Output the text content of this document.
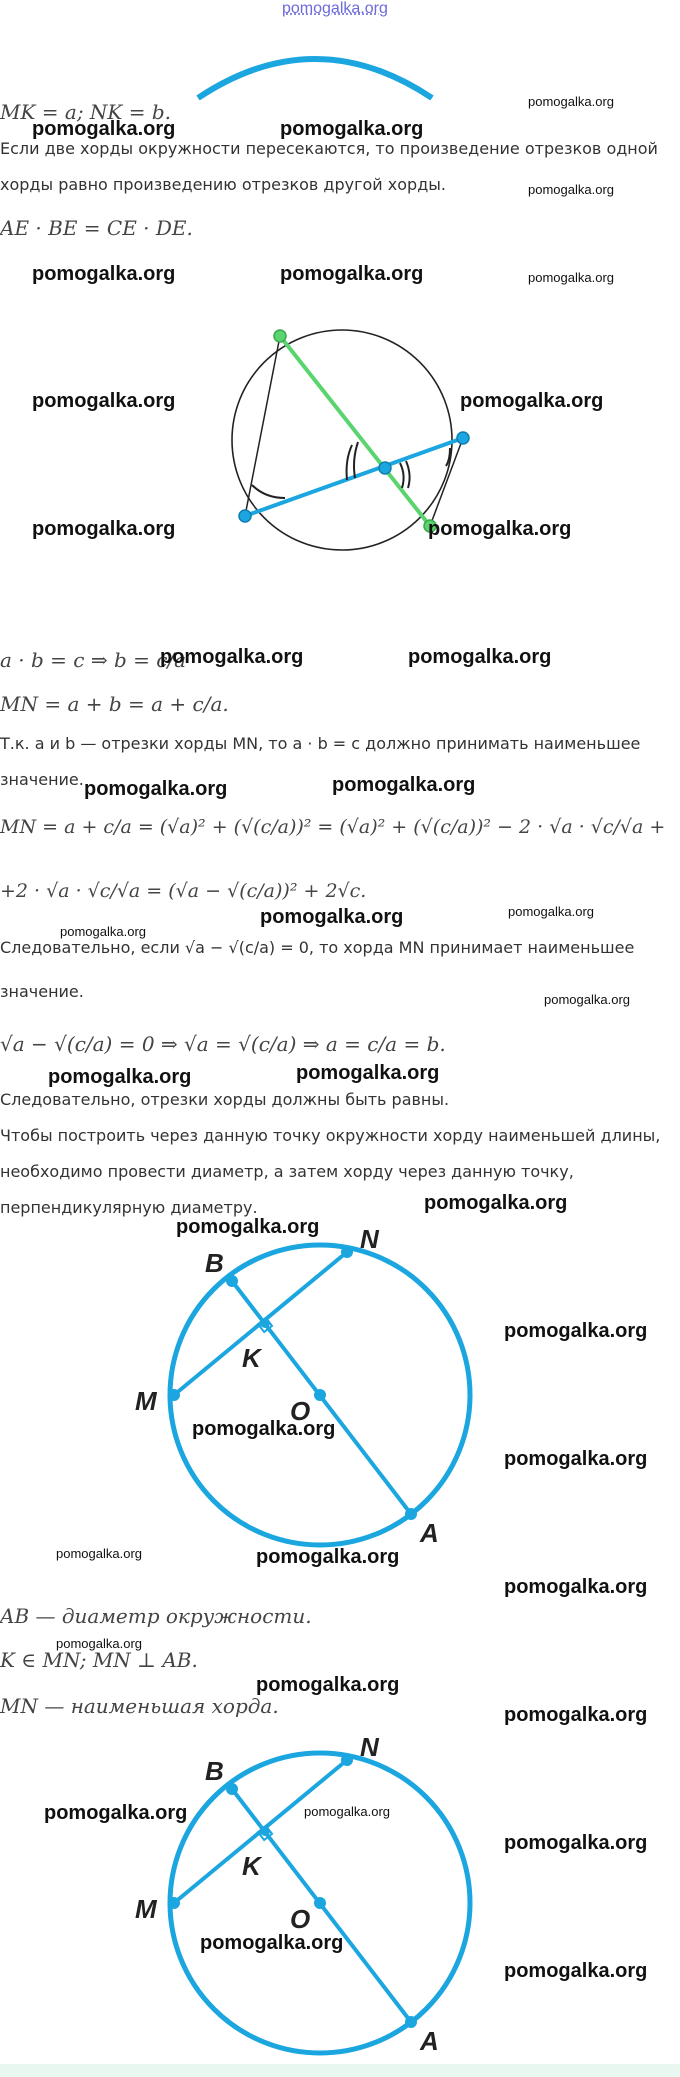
pomogalka.org
MK = a; NK = b.
Если две хорды окружности пересекаются, то произведение отрезков одной
хорды равно произведению отрезков другой хорды.
AE · BE = CE · DE.
a · b = c ⇒ b = c/a
MN = a + b = a + c/a.
Т.к. a и b — отрезки хорды MN, то a · b = c должно принимать наименьшее
значение.
MN = a + c/a = (√a)² + (√(c/a))² = (√a)² + (√(c/a))² − 2 · √a · √c/√a +
+2 · √a · √c/√a = (√a − √(c/a))² + 2√c.
Следовательно, если √a − √(c/a) = 0, то хорда MN принимает наименьшее
значение.
√a − √(c/a) = 0 ⇒ √a = √(c/a) ⇒ a = c/a = b.
Следовательно, отрезки хорды должны быть равны.
Чтобы построить через данную точку окружности хорду наименьшей длины,
необходимо провести диаметр, а затем хорду через данную точку,
перпендикулярную диаметру.
B
N
K
M	O
A
AB — диаметр окружности.
K ∈ MN; MN ⊥ AB.
MN — наименьшая хорда.
B
N
K
M	O
A
pomogalka.org
pomogalka.org	pomogalka.org
pomogalka.org
pomogalka.org	pomogalka.org	pomogalka.org
pomogalka.org	pomogalka.org
pomogalka.org	pomogalka.org
pomogalka.org	pomogalka.org
pomogalka.org	pomogalka.org
pomogalka.org
pomogalka.org	pomogalka.org
pomogalka.org
pomogalka.org	pomogalka.org
pomogalka.org
pomogalka.org
pomogalka.org
pomogalka.org
pomogalka.org
pomogalka.org	pomogalka.org
pomogalka.org
pomogalka.org
pomogalka.org
pomogalka.org
pomogalka.org	pomogalka.org
pomogalka.org
pomogalka.org
pomogalka.org
